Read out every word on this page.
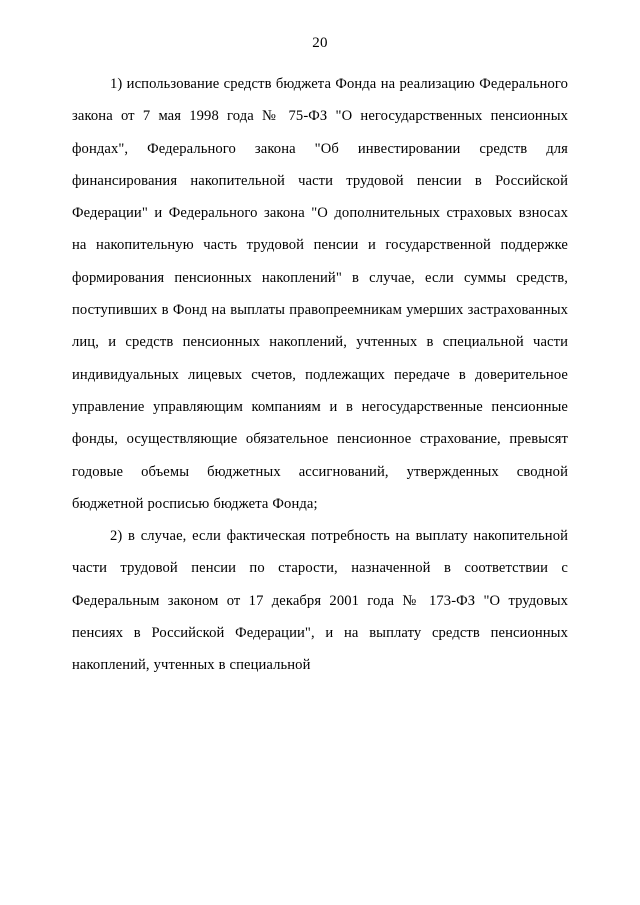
20

1) использование средств бюджета Фонда на реализацию Федерального закона от 7 мая 1998 года № 75-ФЗ "О негосударственных пенсионных фондах", Федерального закона "Об инвестировании средств для финансирования накопительной части трудовой пенсии в Российской Федерации" и Федерального закона "О дополнительных страховых взносах на накопительную часть трудовой пенсии и государственной поддержке формирования пенсионных накоплений" в случае, если суммы средств, поступивших в Фонд на выплаты правопреемникам умерших застрахованных лиц, и средств пенсионных накоплений, учтенных в специальной части индивидуальных лицевых счетов, подлежащих передаче в доверительное управление управляющим компаниям и в негосударственные пенсионные фонды, осуществляющие обязательное пенсионное страхование, превысят годовые объемы бюджетных ассигнований, утвержденных сводной бюджетной росписью бюджета Фонда;

2) в случае, если фактическая потребность на выплату накопительной части трудовой пенсии по старости, назначенной в соответствии с Федеральным законом от 17 декабря 2001 года № 173-ФЗ "О трудовых пенсиях в Российской Федерации", и на выплату средств пенсионных накоплений, учтенных в специальной
